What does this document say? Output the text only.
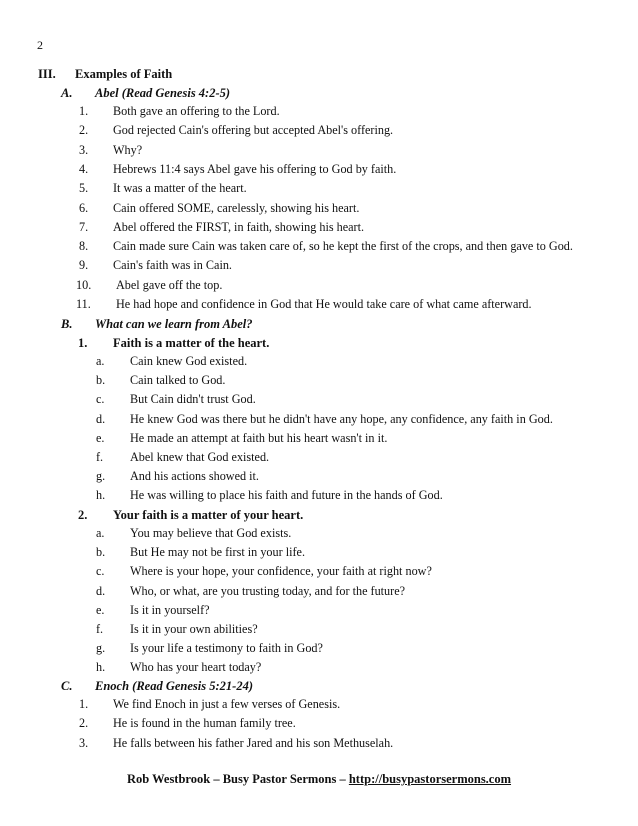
2
III. Examples of Faith
A. Abel (Read Genesis 4:2-5)
1. Both gave an offering to the Lord.
2. God rejected Cain's offering but accepted Abel's offering.
3. Why?
4. Hebrews 11:4 says Abel gave his offering to God by faith.
5. It was a matter of the heart.
6. Cain offered SOME, carelessly, showing his heart.
7. Abel offered the FIRST, in faith, showing his heart.
8. Cain made sure Cain was taken care of, so he kept the first of the crops, and then gave to God.
9. Cain's faith was in Cain.
10. Abel gave off the top.
11. He had hope and confidence in God that He would take care of what came afterward.
B. What can we learn from Abel?
1. Faith is a matter of the heart.
a. Cain knew God existed.
b. Cain talked to God.
c. But Cain didn't trust God.
d. He knew God was there but he didn't have any hope, any confidence, any faith in God.
e. He made an attempt at faith but his heart wasn't in it.
f. Abel knew that God existed.
g. And his actions showed it.
h. He was willing to place his faith and future in the hands of God.
2. Your faith is a matter of your heart.
a. You may believe that God exists.
b. But He may not be first in your life.
c. Where is your hope, your confidence, your faith at right now?
d. Who, or what, are you trusting today, and for the future?
e. Is it in yourself?
f. Is it in your own abilities?
g. Is your life a testimony to faith in God?
h. Who has your heart today?
C. Enoch (Read Genesis 5:21-24)
1. We find Enoch in just a few verses of Genesis.
2. He is found in the human family tree.
3. He falls between his father Jared and his son Methuselah.
Rob Westbrook – Busy Pastor Sermons – http://busypastorsermons.com
